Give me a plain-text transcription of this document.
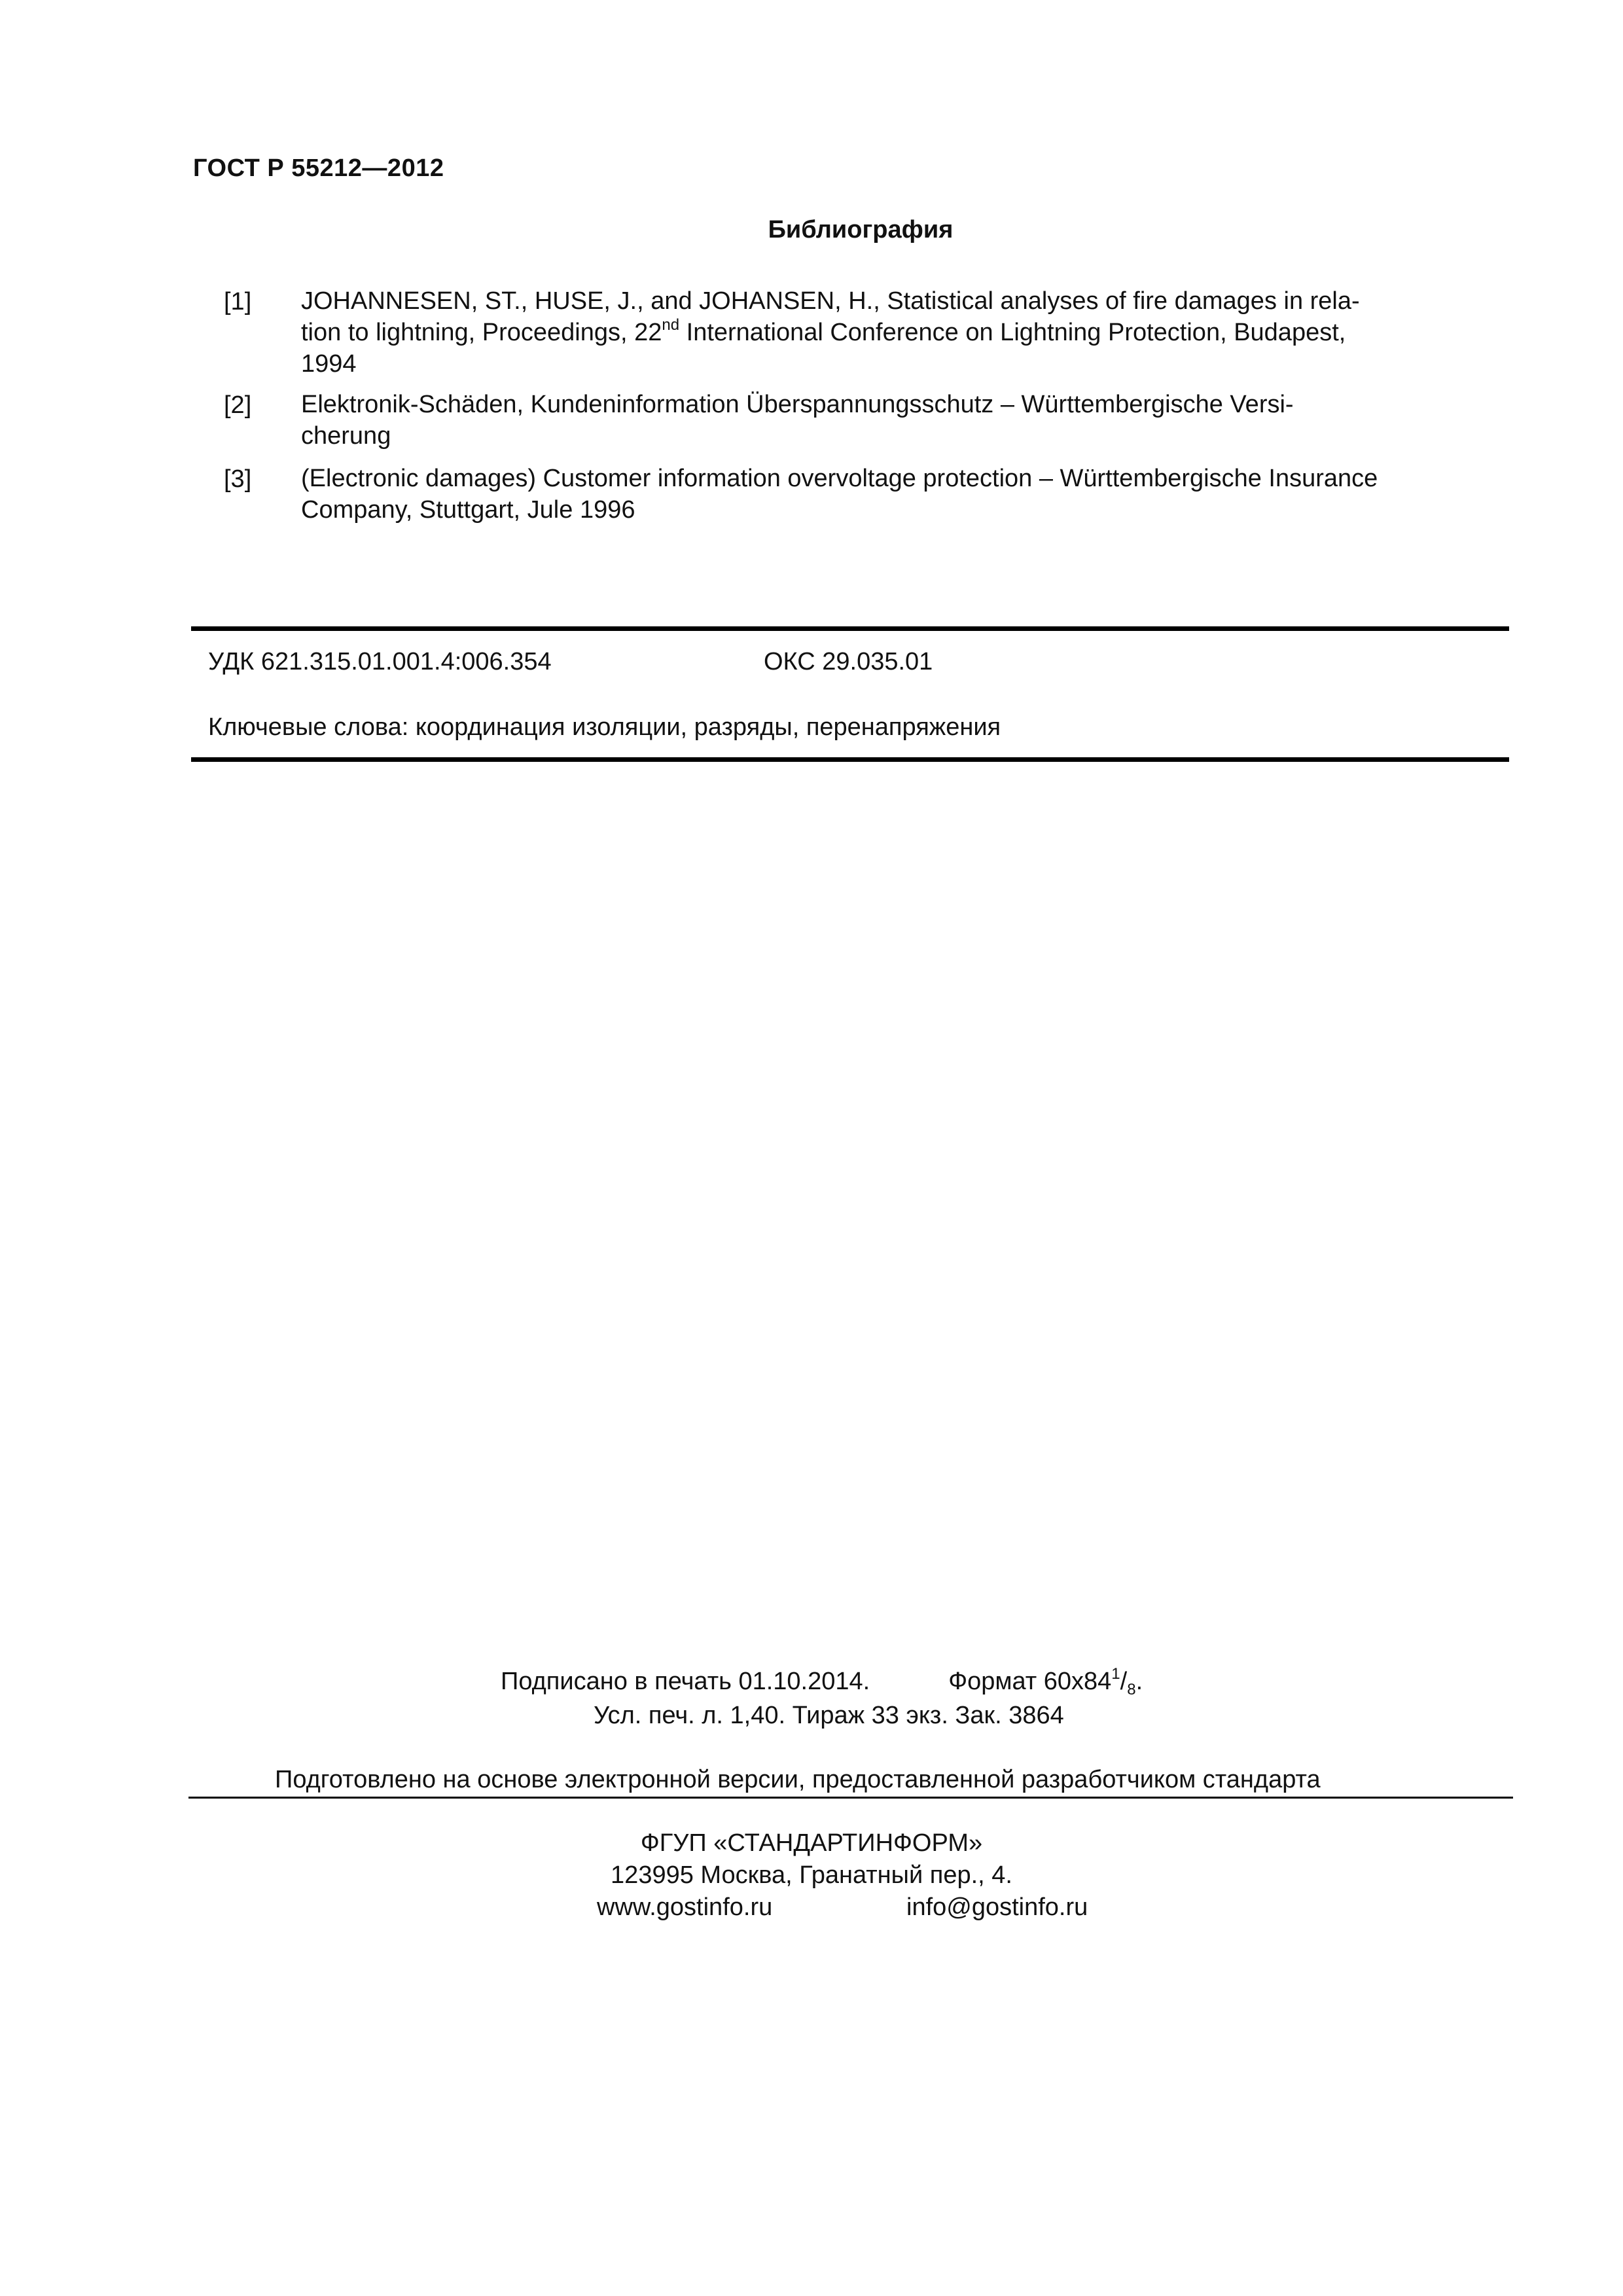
ГОСТ Р 55212—2012
Библиография
[1] JOHANNESEN, ST., HUSE, J., and JOHANSEN, H., Statistical analyses of fire damages in rela-
tion to lightning, Proceedings, 22nd International Conference on Lightning Protection, Budapest,
1994
[2] Elektronik-Schäden, Kundeninformation Überspannungsschutz – Württembergische Versi-
cherung
[3] (Electronic damages) Customer information overvoltage protection – Württembergische Insurance
Company, Stuttgart, Jule 1996
УДК 621.315.01.001.4:006.354	ОКС 29.035.01
Ключевые слова: координация изоляции, разряды, перенапряжения
Подписано в печать 01.10.2014.	Формат $60х84^1/_8$.
Усл. печ. л. 1,40. Тираж 33 экз. Зак. 3864
Подготовлено на основе электронной версии, предоставленной разработчиком стандарта
ФГУП «СТАНДАРТИНФОРМ»
123995 Москва, Гранатный пер., 4.
www.gostinfo.ru	info@gostinfo.ru
